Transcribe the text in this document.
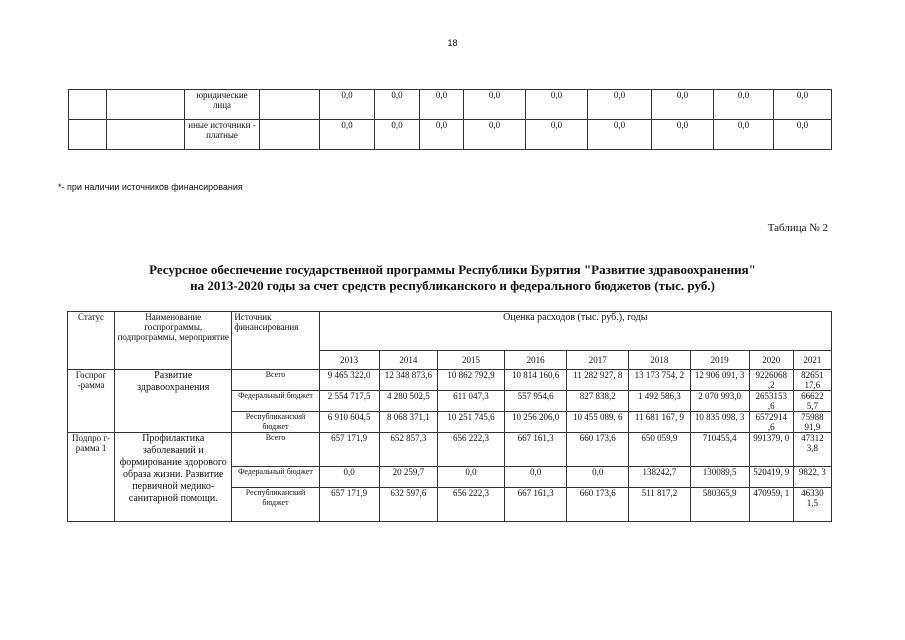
18
		юридические лица		0,0	0,0	0,0	0,0	0,0	0,0	0,0	0,0	0,0
		иные источники - платные		0,0	0,0	0,0	0,0	0,0	0,0	0,0	0,0	0,0
*- при наличии источников финансирования
Таблица № 2
Ресурсное обеспечение государственной программы Республики Бурятия "Развитие здравоохранения"
на 2013-2020 годы за счет средств республиканского и федерального бюджетов (тыс. руб.)
Статус	Наименование госпрограммы, подпрограммы, мероприятие	Источник финансирования	Оценка расходов (тыс. руб.), годы								
			2013	2014	2015	2016	2017	2018	2019	2020	2021
Госпрог -рамма	Развитие здравоохранения	Всего	9 465 322,0	12 348 873,6	10 862 792,9	10 814 160,6	11 282 927, 8	13 173 754, 2	12 906 091, 3	9226068 ,2	82651 17,6
		Федеральный бюджет	2 554 717,5	4 280 502,5	611 047,3	557 954,6	827 838,2	1 492 586,3	2 070 993,0	2653153 ,6	66622 5,7
		Республиканский бюджет	6 910 604,5	8 068 371,1	10 251 745,6	10 256 206,0	10 455 089, 6	11 681 167, 9	10 835 098, 3	6572914 ,6	75988 91,9
Подпро г-рамма 1	Профилактика заболеваний и формирование здорового образа жизни. Развитие первичной медико-санитарной помощи.	Всего	657 171,9	652 857,3	656 222,3	667 161,3	660 173,6	650 059,9	710455,4	991379, 0	47312 3,8
		Федеральный бюджет	0,0	20 259,7	0,0	0,0	0,0	138242,7	130089,5	520419, 9	9822, 3
		Республиканский бюджет	657 171,9	632 597,6	656 222,3	667 161,3	660 173,6	511 817,2	580365,9	470959, 1	46330 1,5
